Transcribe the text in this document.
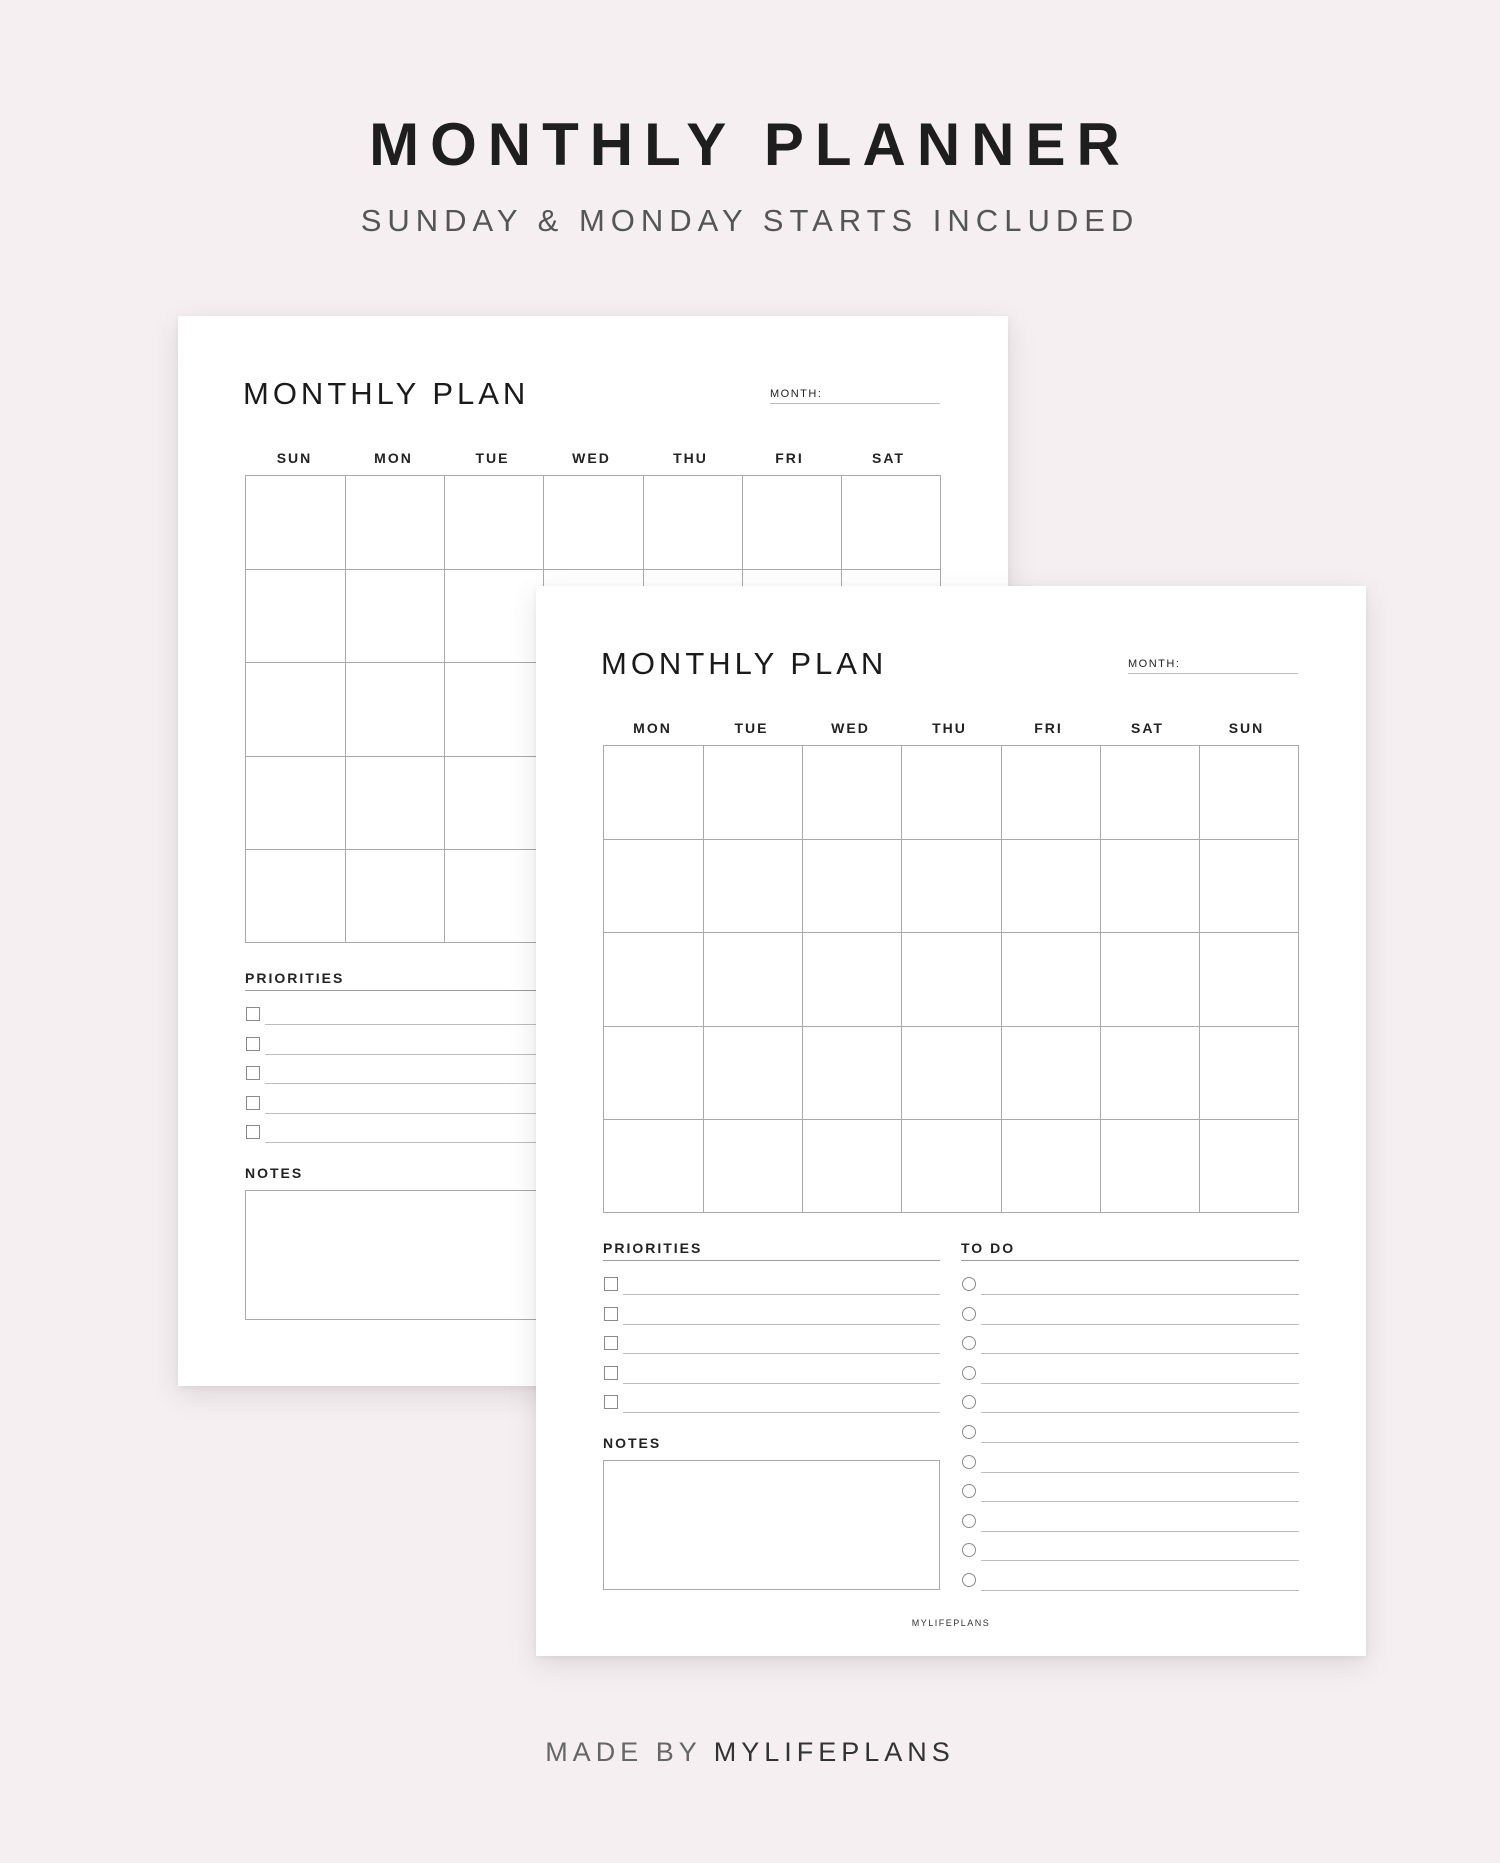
MONTHLY PLANNER
SUNDAY & MONDAY STARTS INCLUDED
MONTHLY PLAN	MONTH:
SUN	MON	TUE	WED	THU	FRI	SAT
PRIORITIES
NOTES
MONTHLY PLAN	MONTH:
MON	TUE	WED	THU	FRI	SAT	SUN
PRIORITIES	TO DO
NOTES
MYLIFEPLANS
MADE BY MYLIFEPLANS
